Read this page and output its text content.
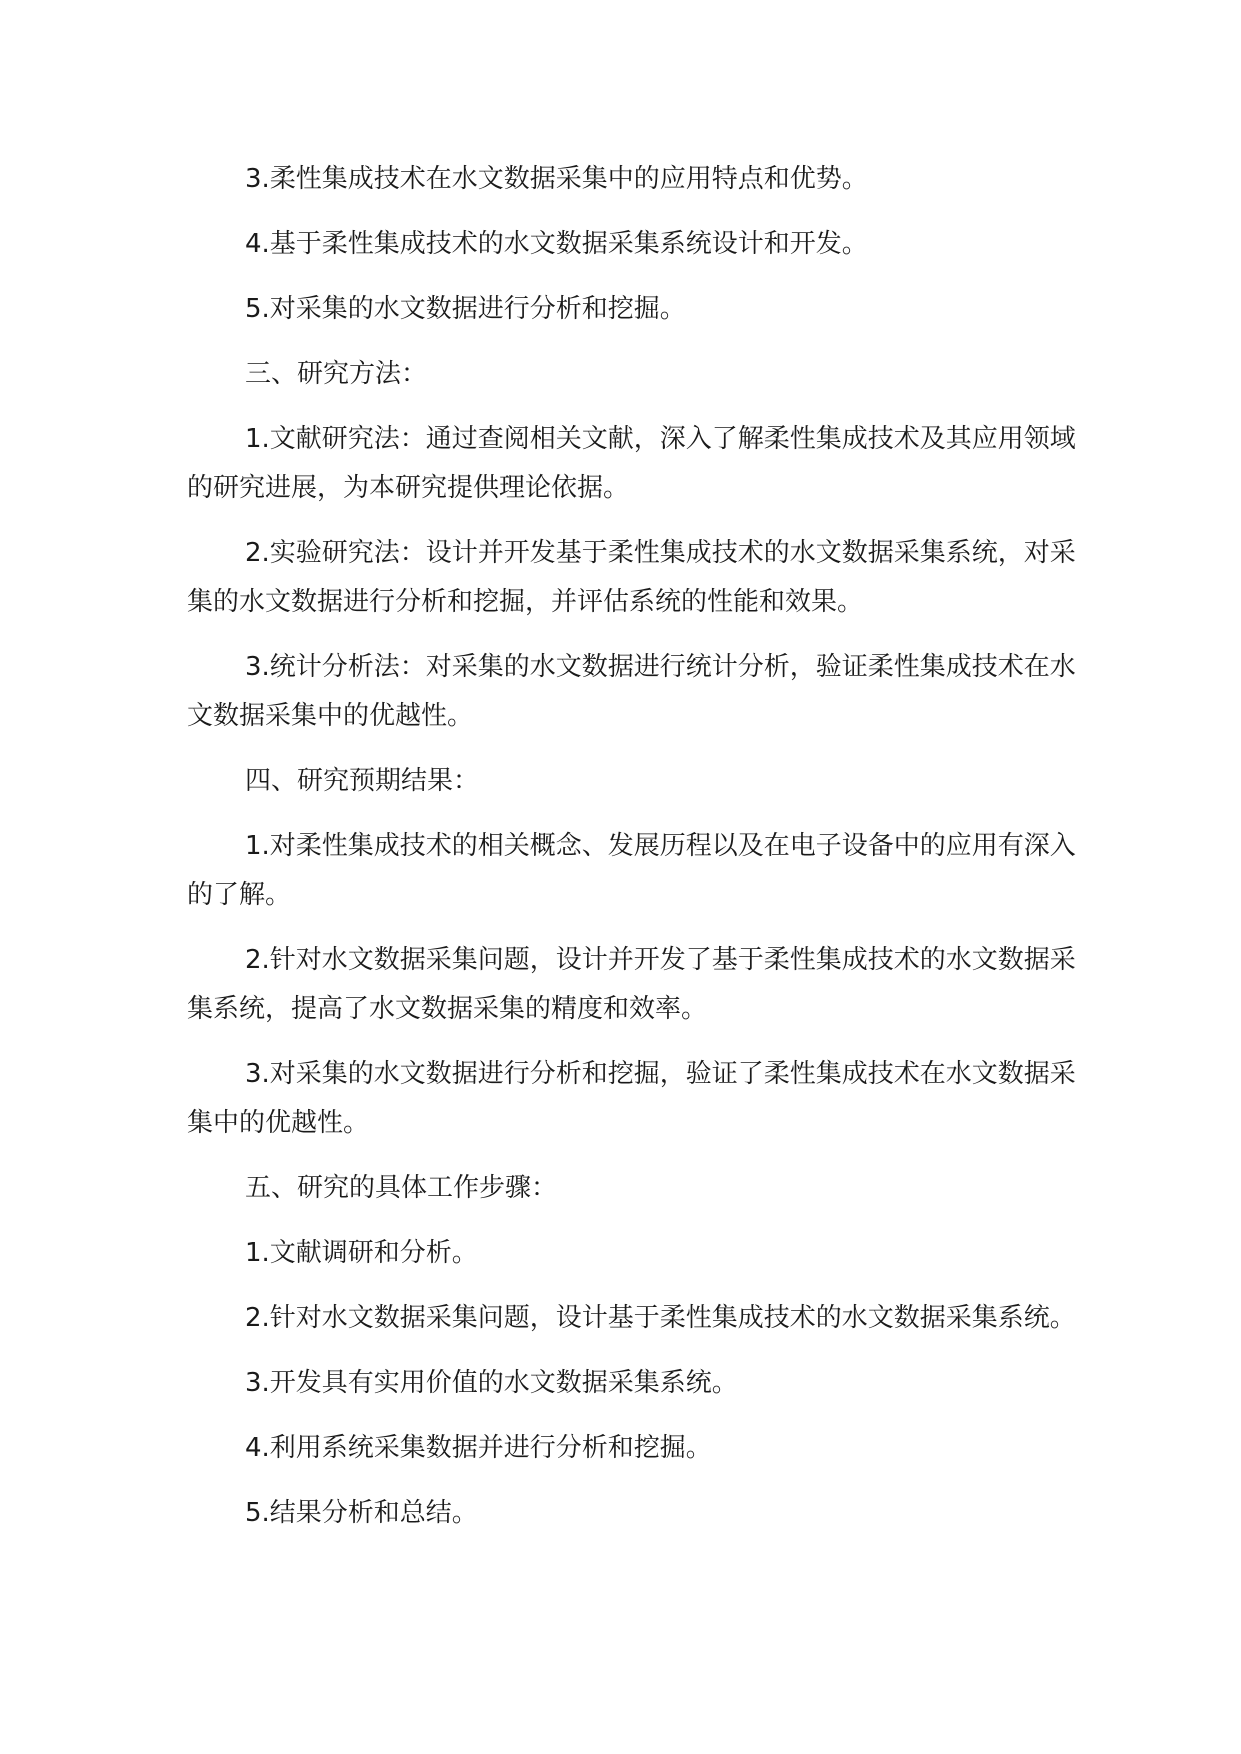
3.柔性集成技术在水文数据采集中的应用特点和优势。

4.基于柔性集成技术的水文数据采集系统设计和开发。

5.对采集的水文数据进行分析和挖掘。

三、研究方法：

1.文献研究法：通过查阅相关文献，深入了解柔性集成技术及其应用领域的研究进展，为本研究提供理论依据。

2.实验研究法：设计并开发基于柔性集成技术的水文数据采集系统，对采集的水文数据进行分析和挖掘，并评估系统的性能和效果。

3.统计分析法：对采集的水文数据进行统计分析，验证柔性集成技术在水文数据采集中的优越性。

四、研究预期结果：

1.对柔性集成技术的相关概念、发展历程以及在电子设备中的应用有深入的了解。

2.针对水文数据采集问题，设计并开发了基于柔性集成技术的水文数据采集系统，提高了水文数据采集的精度和效率。

3.对采集的水文数据进行分析和挖掘，验证了柔性集成技术在水文数据采集中的优越性。

五、研究的具体工作步骤：

1.文献调研和分析。

2.针对水文数据采集问题，设计基于柔性集成技术的水文数据采集系统。

3.开发具有实用价值的水文数据采集系统。

4.利用系统采集数据并进行分析和挖掘。

5.结果分析和总结。
